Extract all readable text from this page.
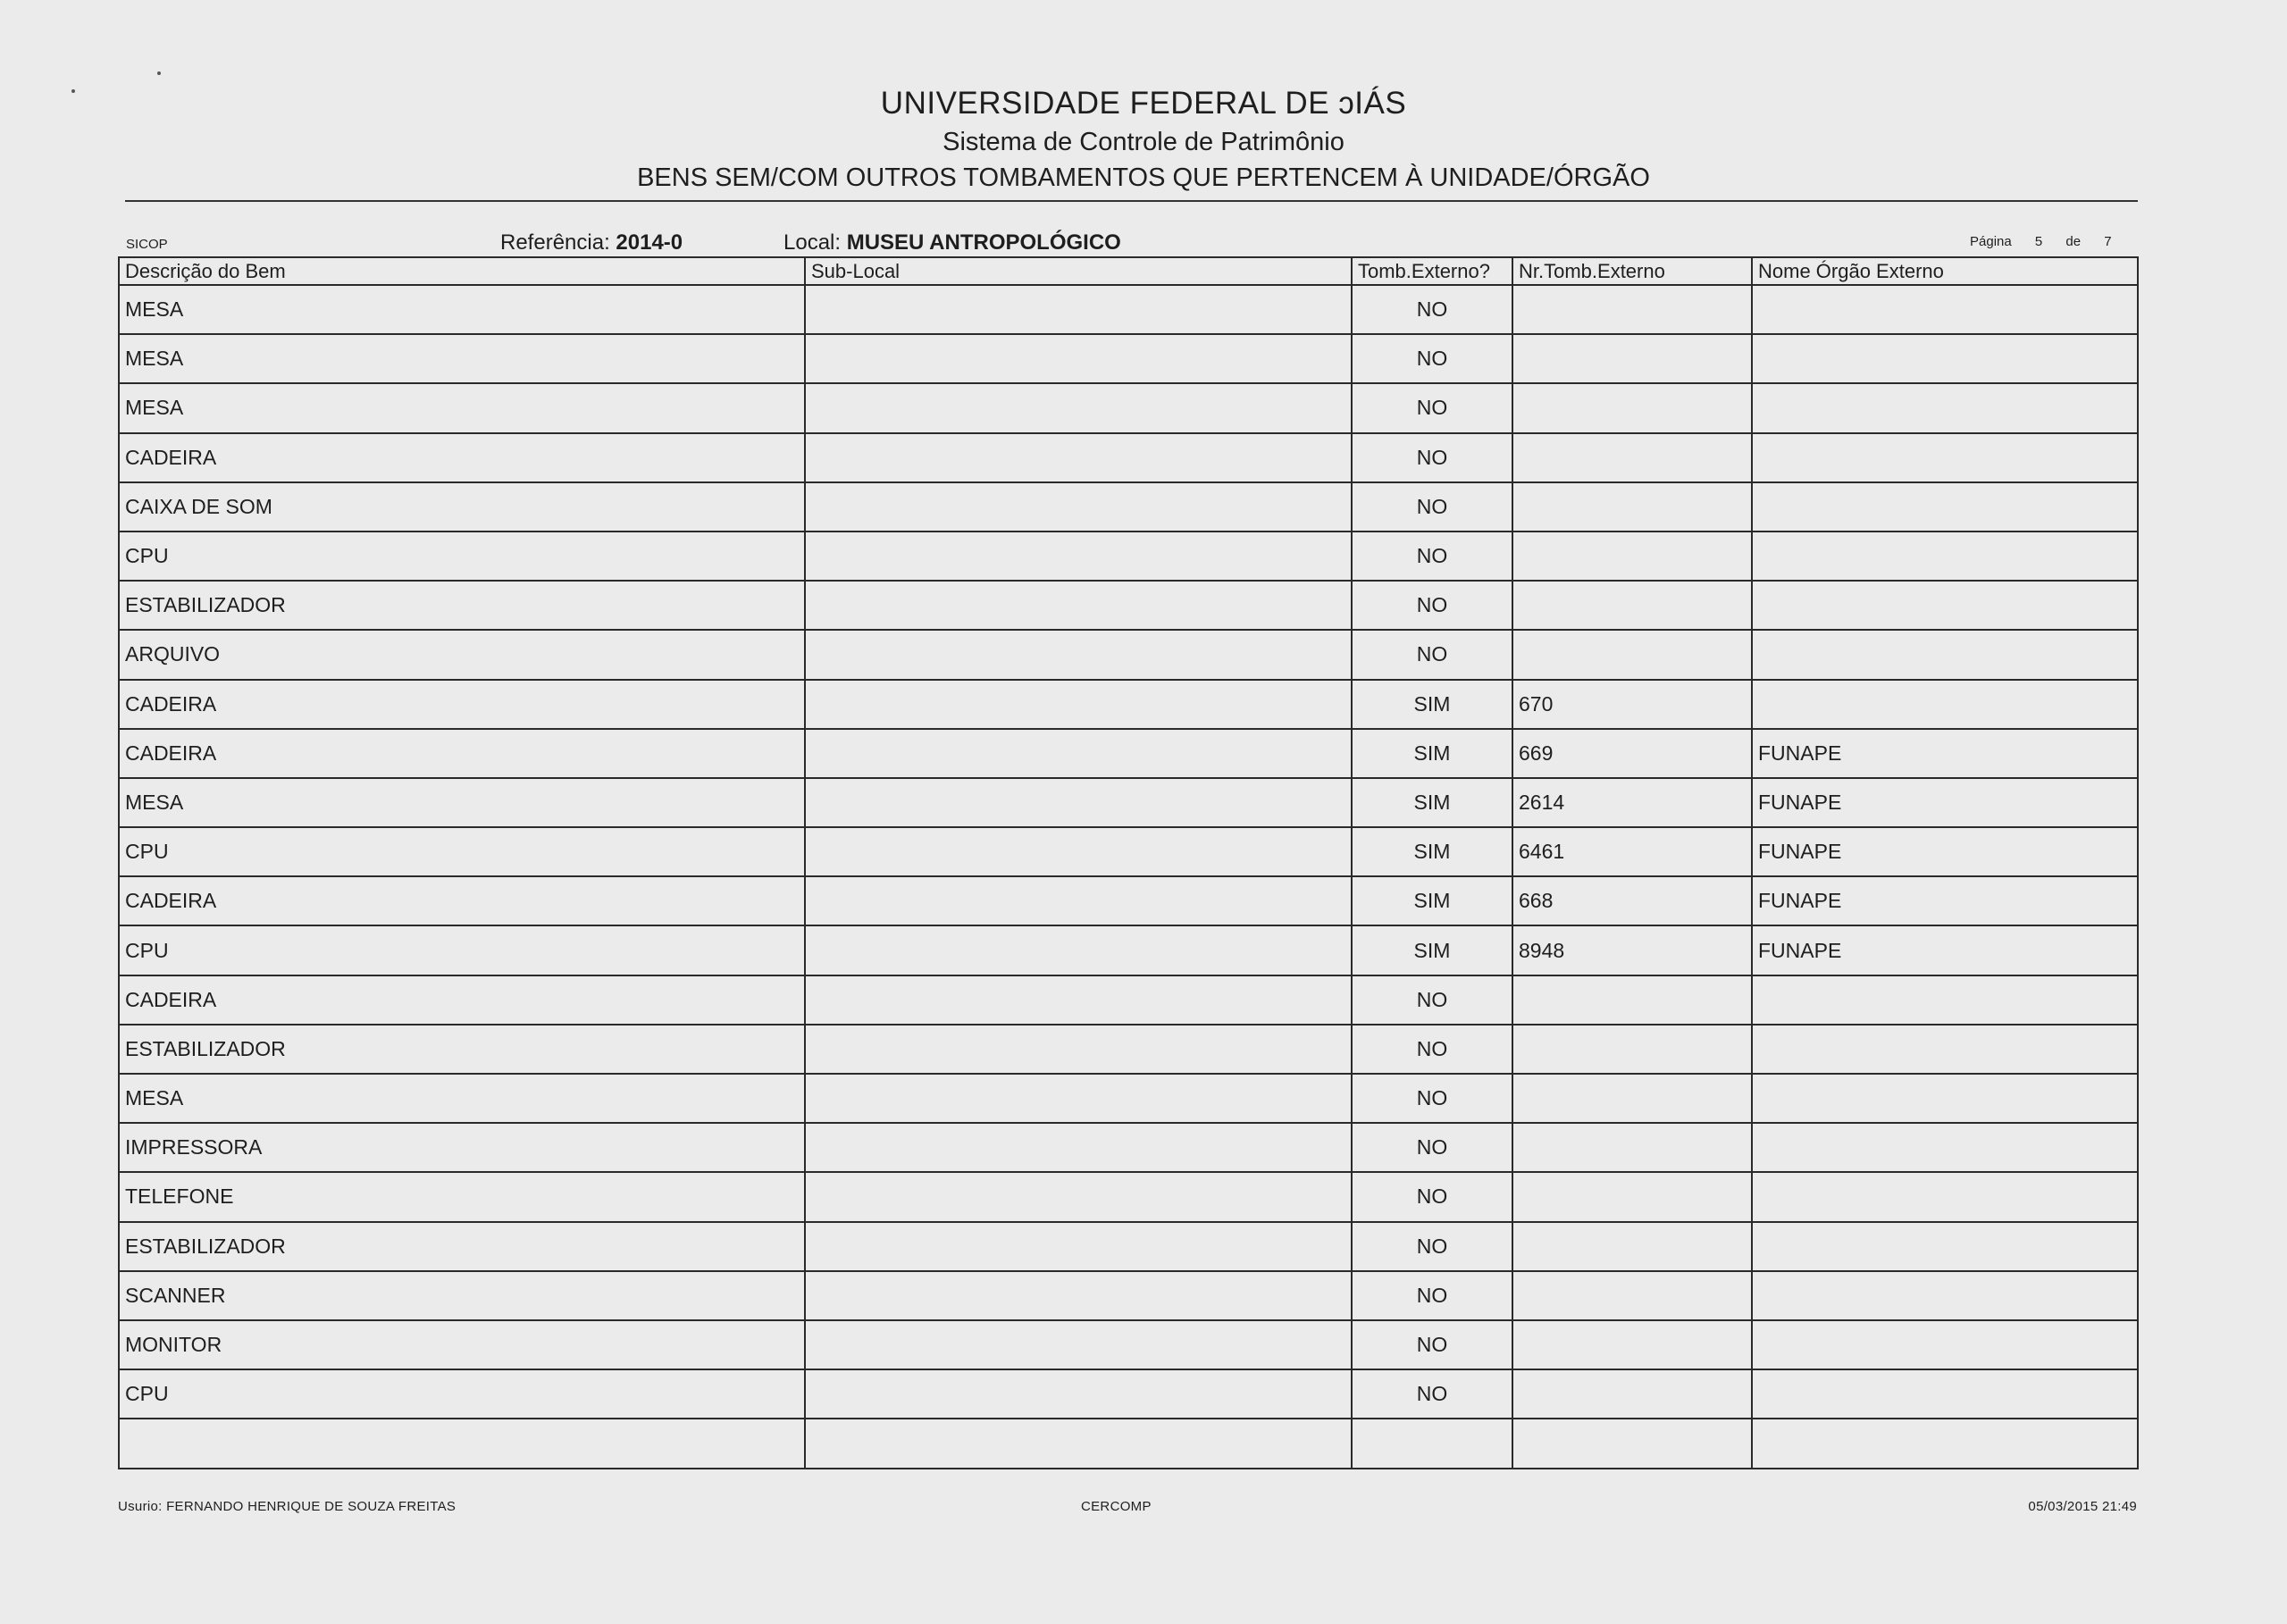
UNIVERSIDADE FEDERAL DE ͻIÁS
Sistema de Controle de Patrimônio
BENS SEM/COM OUTROS TOMBAMENTOS QUE PERTENCEM À UNIDADE/ÓRGÃO
SICOP	Referência: 2014-0	Local: MUSEU ANTROPOLÓGICO	Página 5 de 7
Descrição do Bem	Sub-Local	Tomb.Externo?	Nr.Tomb.Externo	Nome Órgão Externo
MESA		NO		
MESA		NO		
MESA		NO		
CADEIRA		NO		
CAIXA DE SOM		NO		
CPU		NO		
ESTABILIZADOR		NO		
ARQUIVO		NO		
CADEIRA		SIM	670	
CADEIRA		SIM	669	FUNAPE
MESA		SIM	2614	FUNAPE
CPU		SIM	6461	FUNAPE
CADEIRA		SIM	668	FUNAPE
CPU		SIM	8948	FUNAPE
CADEIRA		NO		
ESTABILIZADOR		NO		
MESA		NO		
IMPRESSORA		NO		
TELEFONE		NO		
ESTABILIZADOR		NO		
SCANNER		NO		
MONITOR		NO		
CPU		NO		

Usurio: FERNANDO HENRIQUE DE SOUZA FREITAS	CERCOMP	05/03/2015 21:49
